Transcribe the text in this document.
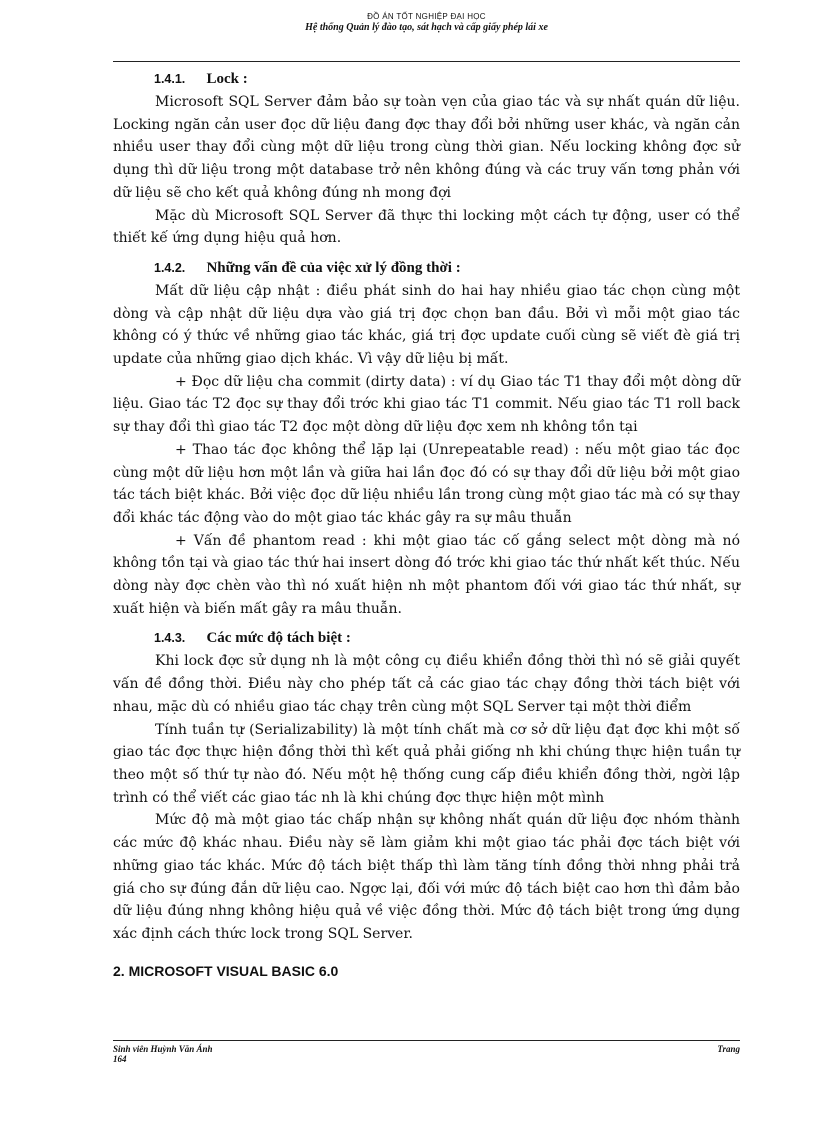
ĐỒ ÁN TỐT NGHIỆP ĐẠI HỌC
Hệ thống Quản lý đào tạo, sát hạch và cấp giấy phép lái xe
1.4.1. Lock :

Microsoft SQL Server đảm bảo sự toàn vẹn của giao tác và sự nhất quán dữ liệu. Locking ngăn cản user đọc dữ liệu đang đợc thay đổi bởi những user khác, và ngăn cản nhiều user thay đổi cùng một dữ liệu trong cùng thời gian. Nếu locking không đợc sử dụng thì dữ liệu trong một database trở nên không đúng và các truy vấn tơng phản với dữ liệu sẽ cho kết quả không đúng nh mong đợi

Mặc dù Microsoft SQL Server đã thực thi locking một cách tự động, user có thể thiết kế ứng dụng hiệu quả hơn.

1.4.2. Những vấn đề của việc xử lý đồng thời :

Mất dữ liệu cập nhật : điều phát sinh do hai hay nhiều giao tác chọn cùng một dòng và cập nhật dữ liệu dựa vào giá trị đợc chọn ban đầu. Bởi vì mỗi một giao tác không có ý thức về những giao tác khác, giá trị đợc update cuối cùng sẽ viết đè giá trị update của những giao dịch khác. Vì vậy dữ liệu bị mất.

+ Đọc dữ liệu cha commit (dirty data) : ví dụ Giao tác T1 thay đổi một dòng dữ liệu. Giao tác T2 đọc sự thay đổi trớc khi giao tác T1 commit. Nếu giao tác T1 roll back sự thay đổi thì giao tác T2 đọc một dòng dữ liệu đợc xem nh không tồn tại

+ Thao tác đọc không thể lặp lại (Unrepeatable read) : nếu một giao tác đọc cùng một dữ liệu hơn một lần và giữa hai lần đọc đó có sự thay đổi dữ liệu bởi một giao tác tách biệt khác. Bởi việc đọc dữ liệu nhiều lần trong cùng một giao tác mà có sự thay đổi khác tác động vào do một giao tác khác gây ra sự mâu thuẫn

+ Vấn đề phantom read : khi một giao tác cố gắng select một dòng mà nó không tồn tại và giao tác thứ hai insert dòng đó trớc khi giao tác thứ nhất kết thúc. Nếu dòng này đợc chèn vào thì nó xuất hiện nh một phantom đối với giao tác thứ nhất, sự xuất hiện và biến mất gây ra mâu thuẫn.

1.4.3. Các mức độ tách biệt :

Khi lock đợc sử dụng nh là một công cụ điều khiển đồng thời thì nó sẽ giải quyết vấn đề đồng thời. Điều này cho phép tất cả các giao tác chạy đồng thời tách biệt với nhau, mặc dù có nhiều giao tác chạy trên cùng một SQL Server tại một thời điểm

Tính tuần tự (Serializability) là một tính chất mà cơ sở dữ liệu đạt đợc khi một số giao tác đợc thực hiện đồng thời thì kết quả phải giống nh khi chúng thực hiện tuần tự theo một số thứ tự nào đó. Nếu một hệ thống cung cấp điều khiển đồng thời, ngời lập trình có thể viết các giao tác nh là khi chúng đợc thực hiện một mình

Mức độ mà một giao tác chấp nhận sự không nhất quán dữ liệu đợc nhóm thành các mức độ khác nhau. Điều này sẽ làm giảm khi một giao tác phải đợc tách biệt với những giao tác khác. Mức độ tách biệt thấp thì làm tăng tính đồng thời nhng phải trả giá cho sự đúng đắn dữ liệu cao. Ngợc lại, đối với mức độ tách biệt cao hơn thì đảm bảo dữ liệu đúng nhng không hiệu quả về việc đồng thời. Mức độ tách biệt trong ứng dụng xác định cách thức lock trong SQL Server.

2. MICROSOFT VISUAL BASIC 6.0
Sinh viên Huỳnh Văn Ánh
164
Trang
